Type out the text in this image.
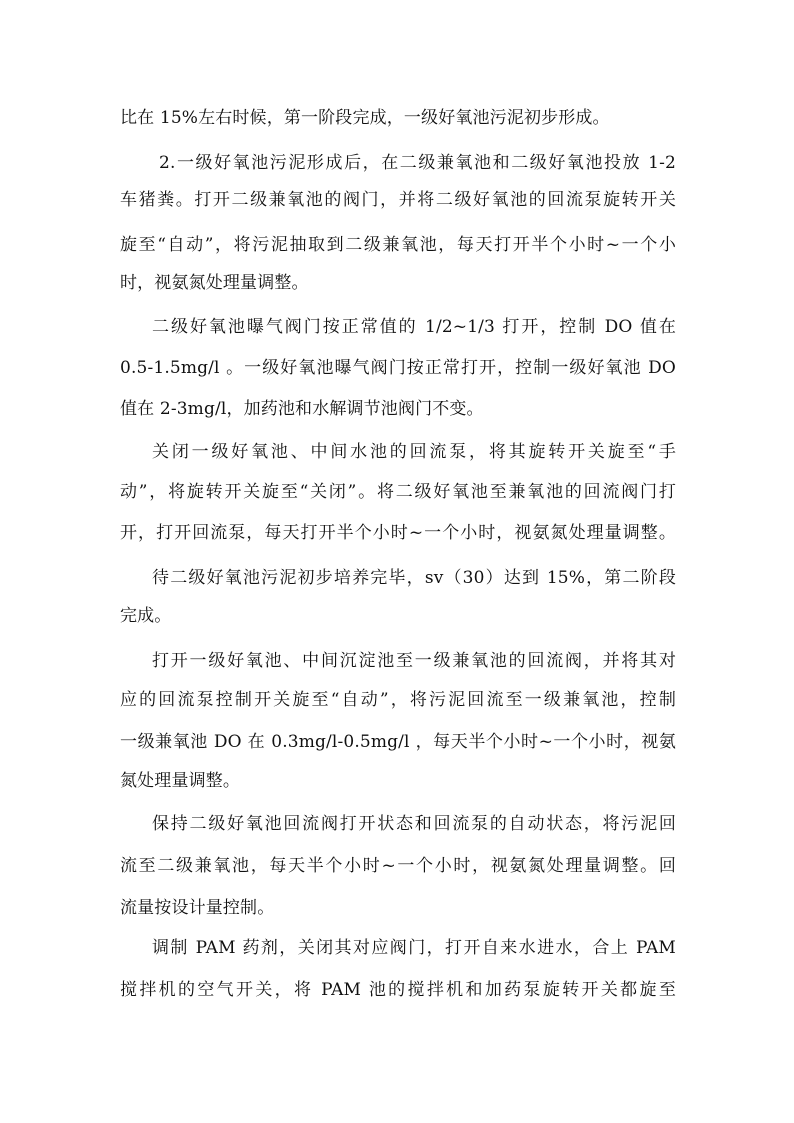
比在 15%左右时候，第一阶段完成，一级好氧池污泥初步形成。
2.一级好氧池污泥形成后，在二级兼氧池和二级好氧池投放 1-2
车猪粪。打开二级兼氧池的阀门，并将二级好氧池的回流泵旋转开关
旋至“自动”，将污泥抽取到二级兼氧池，每天打开半个小时~一个小
时，视氨氮处理量调整。
二级好氧池曝气阀门按正常值的 1/2~1/3 打开，控制 DO 值在
0.5-1.5mg/l 。一级好氧池曝气阀门按正常打开，控制一级好氧池 DO
值在 2-3mg/l，加药池和水解调节池阀门不变。
关闭一级好氧池、中间水池的回流泵，将其旋转开关旋至“手
动”，将旋转开关旋至“关闭”。将二级好氧池至兼氧池的回流阀门打
开，打开回流泵，每天打开半个小时~一个小时，视氨氮处理量调整。
待二级好氧池污泥初步培养完毕，sv（30）达到 15%，第二阶段
完成。
打开一级好氧池、中间沉淀池至一级兼氧池的回流阀，并将其对
应的回流泵控制开关旋至“自动”，将污泥回流至一级兼氧池，控制
一级兼氧池 DO 在 0.3mg/l-0.5mg/l ，每天半个小时~一个小时，视氨
氮处理量调整。
保持二级好氧池回流阀打开状态和回流泵的自动状态，将污泥回
流至二级兼氧池，每天半个小时~一个小时，视氨氮处理量调整。回
流量按设计量控制。
调制 PAM 药剂，关闭其对应阀门，打开自来水进水，合上 PAM
搅拌机的空气开关，将 PAM 池的搅拌机和加药泵旋转开关都旋至
